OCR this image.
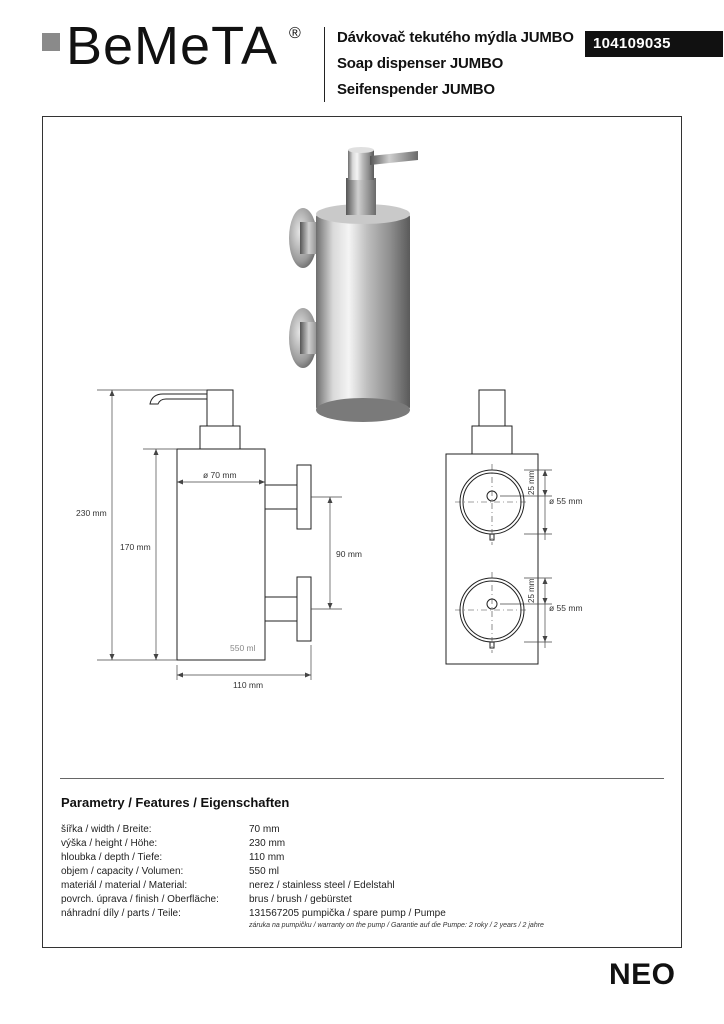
BeMeTA ® Dávkovač tekutého mýdla JUMBO
Soap dispenser JUMBO
Seifenspender JUMBO
104109035
230 mm
170 mm
ø 70 mm
90 mm
550 ml
110 mm
ø 55 mm
25 mm
ø 55 mm
25 mm
Parametry / Features / Eigenschaften
šířka / width / Breite:	70 mm
výška / height / Höhe:	230 mm
hloubka / depth / Tiefe:	110 mm
objem / capacity / Volumen:	550 ml
materiál / material / Material:	nerez / stainless steel / Edelstahl
povrch. úprava / finish / Oberfläche:	brus / brush / gebürstet
náhradní díly / parts / Teile:	131567205 pumpička / spare pump / Pumpe
záruka na pumpičku / warranty on the pump / Garantie auf die Pumpe: 2 roky / 2 years / 2 jahre
NEO
